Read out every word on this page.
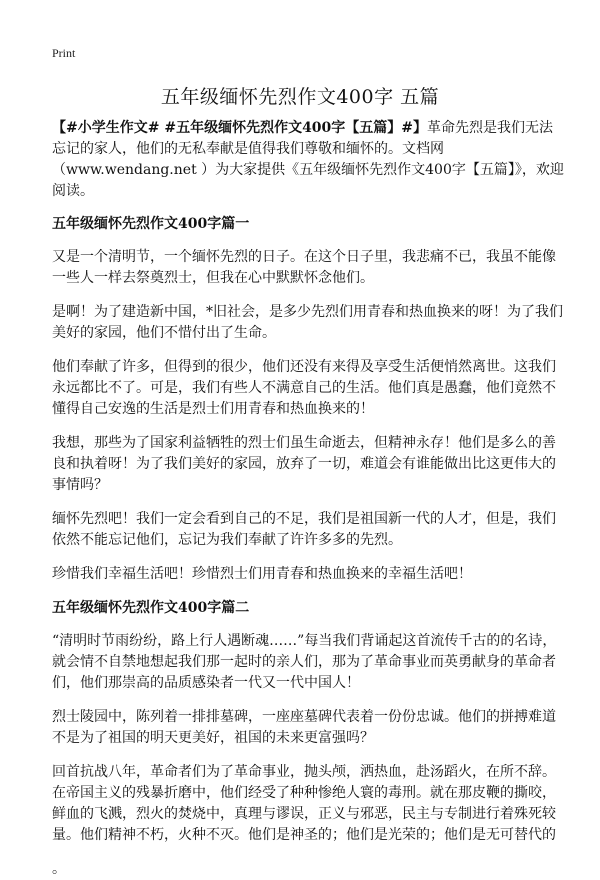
Print
五年级缅怀先烈作文400字 五篇

【#小学生作文# #五年级缅怀先烈作文400字【五篇】#】革命先烈是我们无法忘记的家人，他们的无私奉献是值得我们尊敬和缅怀的。文档网（www.wendang.net ）为大家提供《五年级缅怀先烈作文400字【五篇】》，欢迎阅读。

五年级缅怀先烈作文400字篇一

又是一个清明节，一个缅怀先烈的日子。在这个日子里，我悲痛不已，我虽不能像一些人一样去祭奠烈士，但我在心中默默怀念他们。

是啊！为了建造新中国，*旧社会，是多少先烈们用青春和热血换来的呀！为了我们美好的家园，他们不惜付出了生命。

他们奉献了许多，但得到的很少，他们还没有来得及享受生活便悄然离世。这我们永远都比不了。可是，我们有些人不满意自己的生活。他们真是愚蠢，他们竟然不懂得自己安逸的生活是烈士们用青春和热血换来的！

我想，那些为了国家利益牺牲的烈士们虽生命逝去，但精神永存！他们是多么的善良和执着呀！为了我们美好的家园，放弃了一切，难道会有谁能做出比这更伟大的事情吗？

缅怀先烈吧！我们一定会看到自己的不足，我们是祖国新一代的人才，但是，我们依然不能忘记他们，忘记为我们奉献了许许多多的先烈。

珍惜我们幸福生活吧！珍惜烈士们用青春和热血换来的幸福生活吧！

五年级缅怀先烈作文400字篇二

“清明时节雨纷纷，路上行人遇断魂……”每当我们背诵起这首流传千古的的名诗，就会情不自禁地想起我们那一起时的亲人们，那为了革命事业而英勇献身的革命者们，他们那崇高的品质感染者一代又一代中国人！

烈士陵园中，陈列着一排排墓碑，一座座墓碑代表着一份份忠诚。他们的拼搏难道不是为了祖国的明天更美好，祖国的未来更富强吗？

回首抗战八年，革命者们为了革命事业，抛头颅，洒热血，赴汤蹈火，在所不辞。在帝国主义的残暴折磨中，他们经受了种种惨绝人寰的毒刑。就在那皮鞭的撕咬，鲜血的飞溅，烈火的焚烧中，真理与谬误，正义与邪恶，民主与专制进行着殊死较量。他们精神不朽，火种不灭。他们是神圣的；他们是光荣的；他们是无可替代的

。
